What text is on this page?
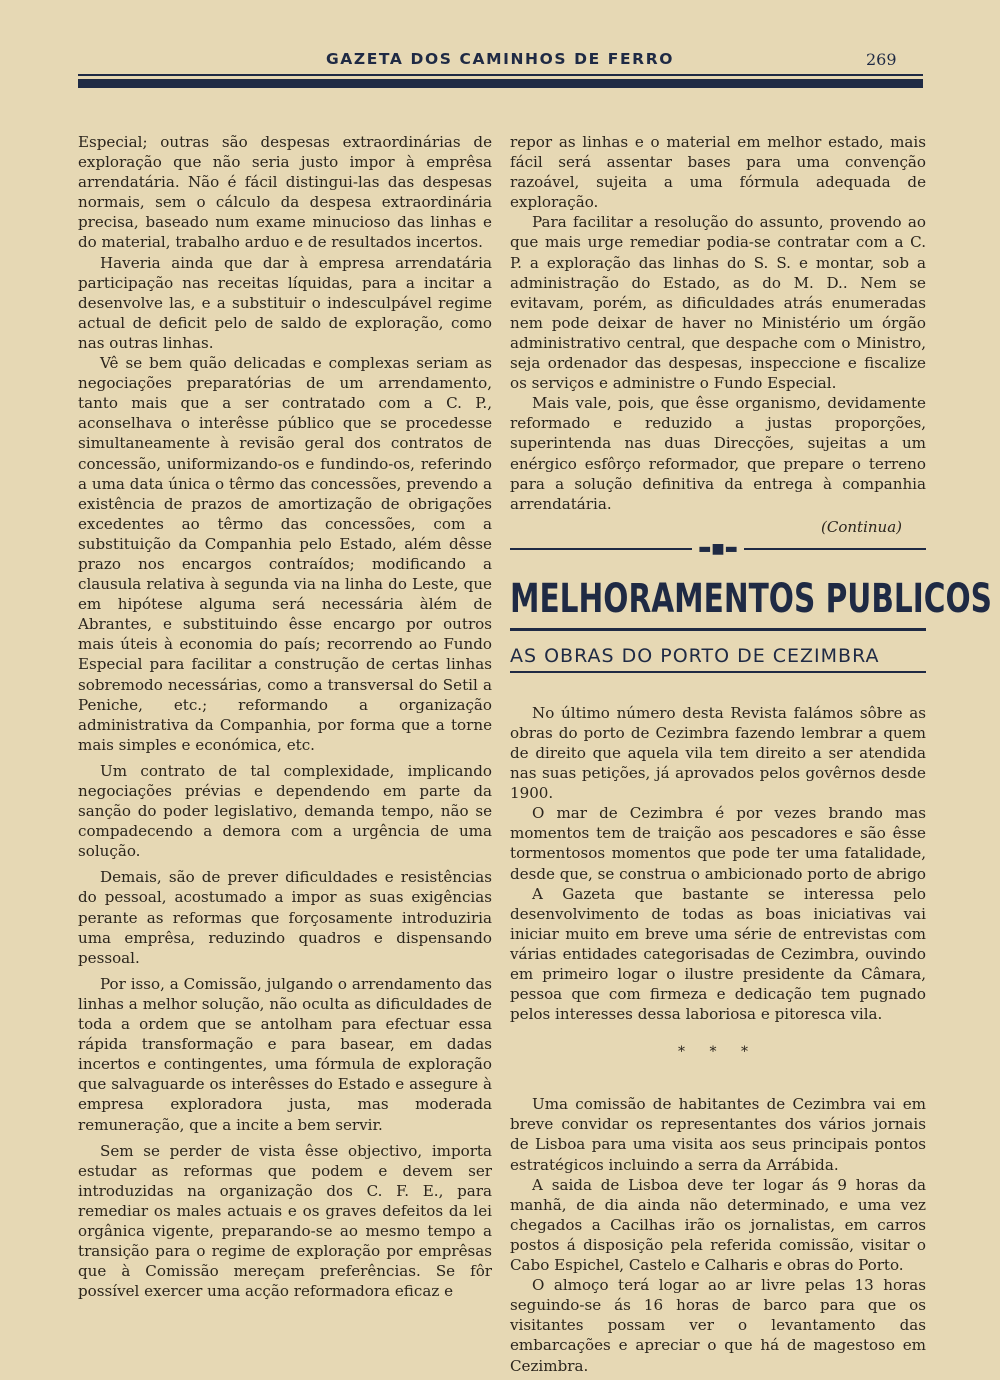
GAZETA DOS CAMINHOS DE FERRO	269

Especial; outras são despesas extraordinárias de exploração que não seria justo impor à emprêsa arrendatária. Não é fácil distingui-las das despesas normais, sem o cálculo da despesa extraordinária precisa, baseado num exame minucioso das linhas e do material, trabalho arduo e de resultados incertos.

Haveria ainda que dar à empresa arrendatária participação nas receitas líquidas, para a incitar a desenvolve las, e a substituir o indesculpável regime actual de deficit pelo de saldo de exploração, como nas outras linhas.

Vê se bem quão delicadas e complexas seriam as negociações preparatórias de um arrendamento, tanto mais que a ser contratado com a C. P., aconselhava o interêsse público que se procedesse simultaneamente à revisão geral dos contratos de concessão, uniformizando-os e fundindo-os, referindo a uma data única o têrmo das concessões, prevendo a existência de prazos de amortização de obrigações excedentes ao têrmo das concessões, com a substituição da Companhia pelo Estado, além dêsse prazo nos encargos contraídos; modificando a clausula relativa à segunda via na linha do Leste, que em hipótese alguma será necessária àlém de Abrantes, e substituindo êsse encargo por outros mais úteis à economia do país; recorrendo ao Fundo Especial para facilitar a construção de certas linhas sobremodo necessárias, como a transversal do Setil a Peniche, etc.; reformando a organização administrativa da Companhia, por forma que a torne mais simples e económica, etc.

Um contrato de tal complexidade, implicando negociações prévias e dependendo em parte da sanção do poder legislativo, demanda tempo, não se compadecendo a demora com a urgência de uma solução.

Demais, são de prever dificuldades e resistências do pessoal, acostumado a impor as suas exigências perante as reformas que forçosamente introduziria uma emprêsa, reduzindo quadros e dispensando pessoal.

Por isso, a Comissão, julgando o arrendamento das linhas a melhor solução, não oculta as dificuldades de toda a ordem que se antolham para efectuar essa rápida transformação e para basear, em dadas incertos e contingentes, uma fórmula de exploração que salvaguarde os interêsses do Estado e assegure à empresa exploradora justa, mas moderada remuneração, que a incite a bem servir.

Sem se perder de vista êsse objectivo, importa estudar as reformas que podem e devem ser introduzidas na organização dos C. F. E., para remediar os males actuais e os graves defeitos da lei orgânica vigente, preparando-se ao mesmo tempo a transição para o regime de exploração por emprêsas que à Comissão mereçam preferências. Se fôr possível exercer uma acção reformadora eficaz e

repor as linhas e o material em melhor estado, mais fácil será assentar bases para uma convenção razoável, sujeita a uma fórmula adequada de exploração.

Para facilitar a resolução do assunto, provendo ao que mais urge remediar podia-se contratar com a C. P. a exploração das linhas do S. S. e montar, sob a administração do Estado, as do M. D.. Nem se evitavam, porém, as dificuldades atrás enumeradas nem pode deixar de haver no Ministério um órgão administrativo central, que despache com o Ministro, seja ordenador das despesas, inspeccione e fiscalize os serviços e administre o Fundo Especial.

Mais vale, pois, que êsse organismo, devidamente reformado e reduzido a justas proporções, superintenda nas duas Direcções, sujeitas a um enérgico esfôrço reformador, que prepare o terreno para a solução definitiva da entrega à companhia arrendatária.

(Continua)
▬■▬
MELHORAMENTOS PUBLICOS
AS OBRAS DO PORTO DE CEZIMBRA

No último número desta Revista falámos sôbre as obras do porto de Cezimbra fazendo lembrar a quem de direito que aquela vila tem direito a ser atendida nas suas petições, já aprovados pelos govêrnos desde 1900.

O mar de Cezimbra é por vezes brando mas momentos tem de traição aos pescadores e são êsse tormentosos momentos que pode ter uma fatalidade, desde que, se construa o ambicionado porto de abrigo

A Gazeta que bastante se interessa pelo desenvolvimento de todas as boas iniciativas vai iniciar muito em breve uma série de entrevistas com várias entidades categorisadas de Cezimbra, ouvindo em primeiro logar o ilustre presidente da Câmara, pessoa que com firmeza e dedicação tem pugnado pelos interesses dessa laboriosa e pitoresca vila.

* * *

Uma comissão de habitantes de Cezimbra vai em breve convidar os representantes dos vários jornais de Lisboa para uma visita aos seus principais pontos estratégicos incluindo a serra da Arrábida.

A saida de Lisboa deve ter logar ás 9 horas da manhã, de dia ainda não determinado, e uma vez chegados a Cacilhas irão os jornalistas, em carros postos á disposição pela referida comissão, visitar o Cabo Espichel, Castelo e Calharis e obras do Porto.

O almoço terá logar ao ar livre pelas 13 horas seguindo-se ás 16 horas de barco para que os visitantes possam ver o levantamento das embarcações e apreciar o que há de magestoso em Cezimbra.
